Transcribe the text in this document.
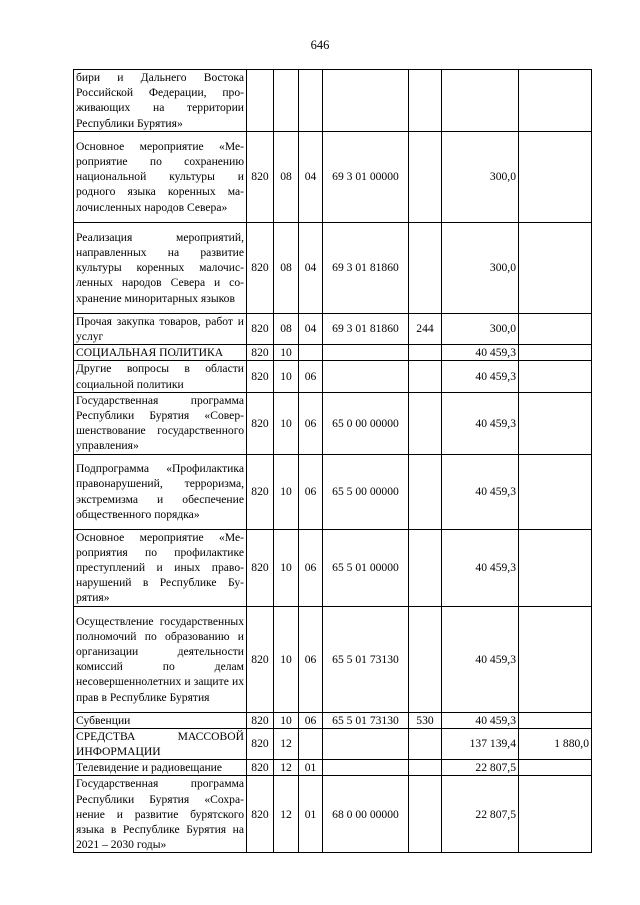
646
бири и Дальнего Востока Российской Федерации, проживающих на территории Республики Бурятия»							
Основное мероприятие «Мероприятие по сохранению национальной культуры и родного языка коренных малочисленных народов Севера»	820	08	04	69 3 01 00000		300,0	
Реализация мероприятий, направленных на развитие культуры коренных малочисленных народов Севера и сохранение миноритарных языков	820	08	04	69 3 01 81860		300,0	
Прочая закупка товаров, работ и услуг	820	08	04	69 3 01 81860	244	300,0	
СОЦИАЛЬНАЯ ПОЛИТИКА	820	10				40 459,3	
Другие вопросы в области социальной политики	820	10	06			40 459,3	
Государственная программа Республики Бурятия «Совершенствование государственного управления»	820	10	06	65 0 00 00000		40 459,3	
Подпрограмма «Профилактика правонарушений, терроризма, экстремизма и обеспечение общественного порядка»	820	10	06	65 5 00 00000		40 459,3	
Основное мероприятие «Мероприятия по профилактике преступлений и иных правонарушений в Республике Бурятия»	820	10	06	65 5 01 00000		40 459,3	
Осуществление государственных полномочий по образованию и организации деятельности комиссий по делам несовершеннолетних и защите их прав в Республике Бурятия	820	10	06	65 5 01 73130		40 459,3	
Субвенции	820	10	06	65 5 01 73130	530	40 459,3	
СРЕДСТВА МАССОВОЙ ИНФОРМАЦИИ	820	12				137 139,4	1 880,0
Телевидение и радиовещание	820	12	01			22 807,5	
Государственная программа Республики Бурятия «Сохранение и развитие бурятского языка в Республике Бурятия на 2021 – 2030 годы»	820	12	01	68 0 00 00000		22 807,5	
